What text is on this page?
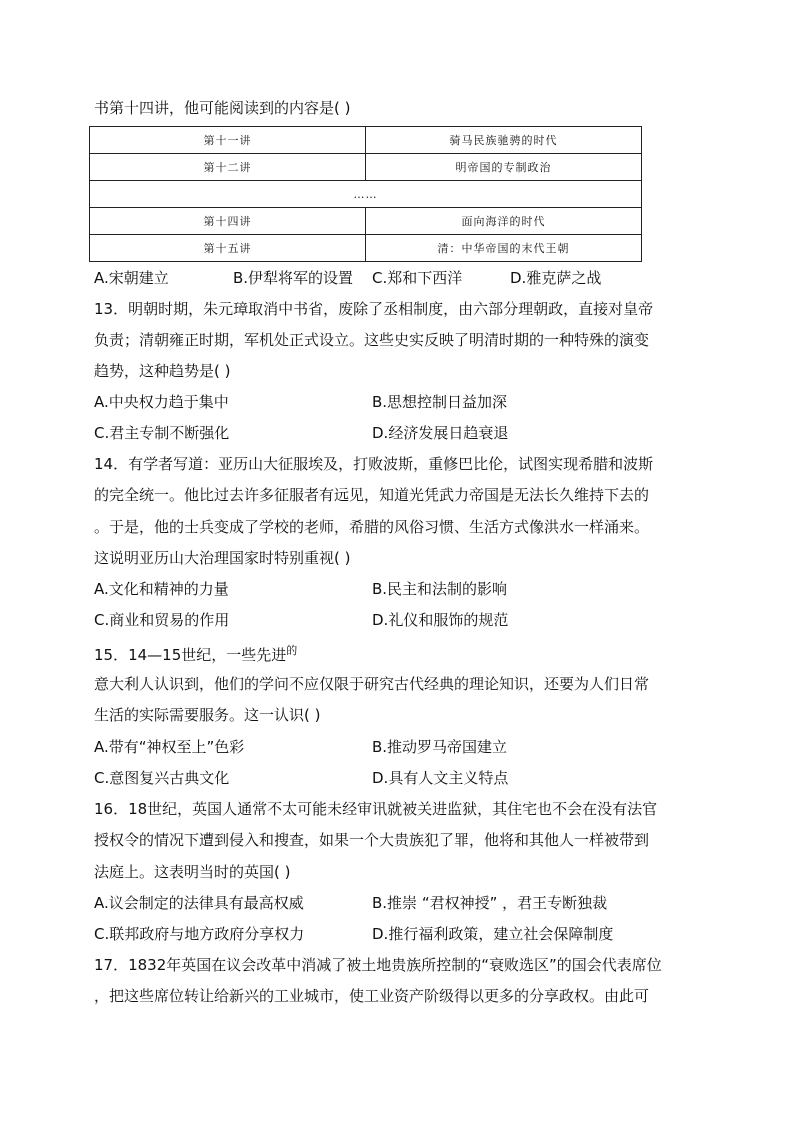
书第十四讲，他可能阅读到的内容是( )
第十一讲	骑马民族驰骋的时代
第十二讲	明帝国的专制政治
……	
第十四讲	面向海洋的时代
第十五讲	清：中华帝国的末代王朝
A.宋朝建立	B.伊犁将军的设置 C.郑和下西洋	D.雅克萨之战
13．明朝时期，朱元璋取消中书省，废除了丞相制度，由六部分理朝政，直接对皇帝
负责；清朝雍正时期，军机处正式设立。这些史实反映了明清时期的一种特殊的演变
趋势，这种趋势是( )
A.中央权力趋于集中	B.思想控制日益加深
C.君主专制不断强化	D.经济发展日趋衰退
14．有学者写道：亚历山大征服埃及，打败波斯，重修巴比伦，试图实现希腊和波斯
的完全统一。他比过去许多征服者有远见，知道光凭武力帝国是无法长久维持下去的
。于是，他的士兵变成了学校的老师，希腊的风俗习惯、生活方式像洪水一样涌来。
这说明亚历山大治理国家时特别重视( )
A.文化和精神的力量	B.民主和法制的影响
C.商业和贸易的作用	D.礼仪和服饰的规范
15．14—15世纪，一些先进$^的$
意大利人认识到，他们的学问不应仅限于研究古代经典的理论知识，还要为人们日常
生活的实际需要服务。这一认识( )
A.带有“神权至上”色彩	B.推动罗马帝国建立
C.意图复兴古典文化	D.具有人文主义特点
16．18世纪，英国人通常不太可能未经审讯就被关进监狱，其住宅也不会在没有法官
授权令的情况下遭到侵入和搜查，如果一个大贵族犯了罪，他将和其他人一样被带到
法庭上。这表明当时的英国( )
A.议会制定的法律具有最高权威	B.推崇 “君权神授” ，君王专断独裁
C.联邦政府与地方政府分享权力	D.推行福利政策，建立社会保障制度
17．1832年英国在议会改革中消减了被土地贵族所控制的“衰败选区”的国会代表席位
，把这些席位转让给新兴的工业城市，使工业资产阶级得以更多的分享政权。由此可
